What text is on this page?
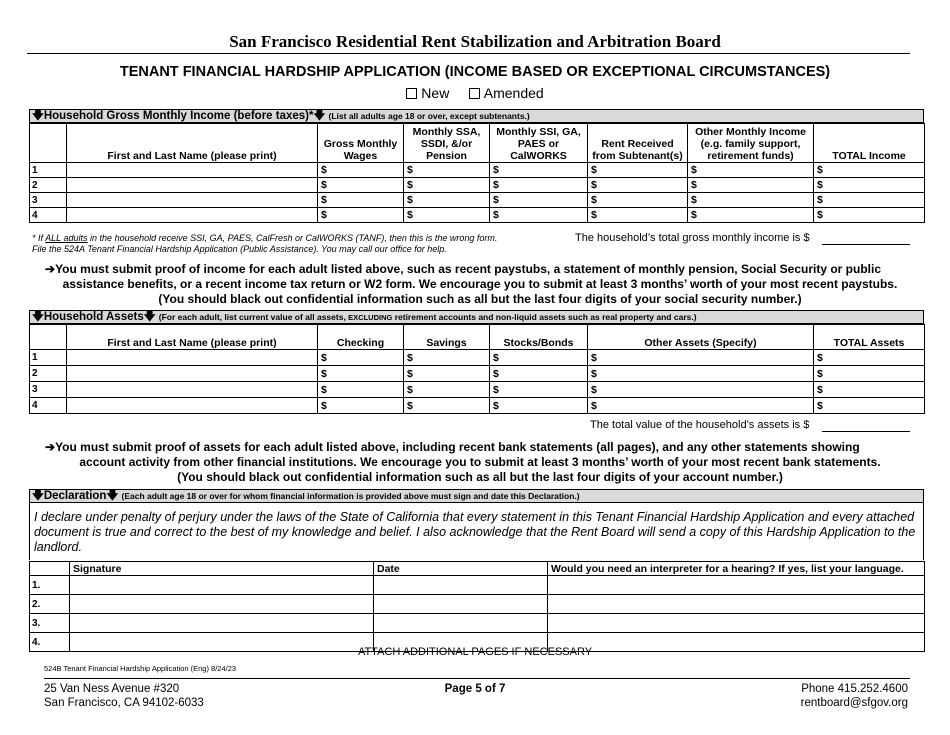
San Francisco Residential Rent Stabilization and Arbitration Board
TENANT FINANCIAL HARDSHIP APPLICATION (INCOME BASED OR EXCEPTIONAL CIRCUMSTANCES)
New Amended
🡇Household Gross Monthly Income (before taxes)*🡇 (List all adults age 18 or over, except subtenants.)
	First and Last Name (please print)	Gross Monthly Wages	Monthly SSA, SSDI, &/or Pension	Monthly SSI, GA, PAES or CalWORKS	Rent Received from Subtenant(s)	Other Monthly Income (e.g. family support, retirement funds)	TOTAL Income
1		$	$	$	$	$	$
2		$	$	$	$	$	$
3		$	$	$	$	$	$
4		$	$	$	$	$	$
* If ALL adults in the household receive SSI, GA, PAES, CalFresh or CalWORKS (TANF), then this is the wrong form.
File the 524A Tenant Financial Hardship Application (Public Assistance). You may call our office for help.
The household’s total gross monthly income is $
➔You must submit proof of income for each adult listed above, such as recent paystubs, a statement of monthly pension, Social Security or public
assistance benefits, or a recent income tax return or W2 form. We encourage you to submit at least 3 months’ worth of your most recent paystubs.
(You should black out confidential information such as all but the last four digits of your social security number.)
🡇Household Assets🡇 (For each adult, list current value of all assets, EXCLUDING retirement accounts and non-liquid assets such as real property and cars.)
	First and Last Name (please print)	Checking	Savings	Stocks/Bonds	Other Assets (Specify)	TOTAL Assets
1		$	$	$	$	$
2		$	$	$	$	$
3		$	$	$	$	$
4		$	$	$	$	$
The total value of the household’s assets is $
➔You must submit proof of assets for each adult listed above, including recent bank statements (all pages), and any other statements showing
account activity from other financial institutions. We encourage you to submit at least 3 months’ worth of your most recent bank statements.
(You should black out confidential information such as all but the last four digits of your account number.)
🡇Declaration🡇 (Each adult age 18 or over for whom financial information is provided above must sign and date this Declaration.)
I declare under penalty of perjury under the laws of the State of California that every statement in this Tenant Financial Hardship Application and every attached document is true and correct to the best of my knowledge and belief. I also acknowledge that the Rent Board will send a copy of this Hardship Application to the landlord.
	Signature	Date	Would you need an interpreter for a hearing? If yes, list your language.
1.			
2.			
3.			
4.			
ATTACH ADDITIONAL PAGES IF NECESSARY
524B Tenant Financial Hardship Application (Eng) 8/24/23
25 Van Ness Avenue #320
San Francisco, CA 94102-6033
Page 5 of 7	Phone 415.252.4600
rentboard@sfgov.org
